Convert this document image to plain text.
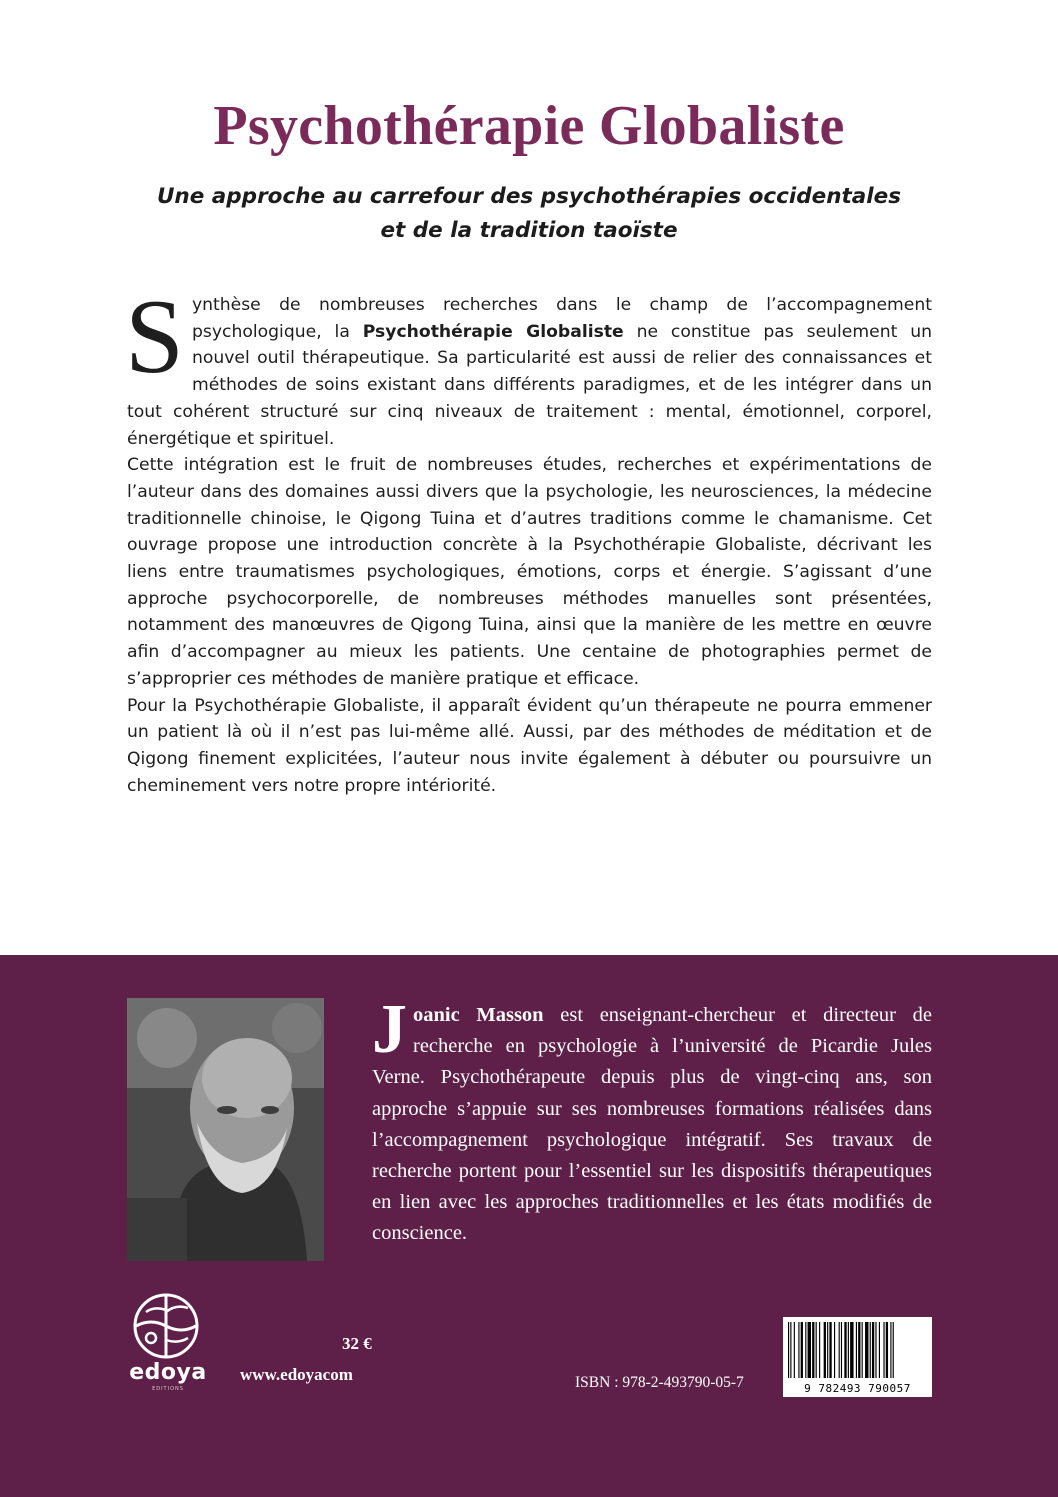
Psychothérapie Globaliste
Une approche au carrefour des psychothérapies occidentales
et de la tradition taoïste

Synthèse de nombreuses recherches dans le champ de l’accompagnement psychologique, la Psychothérapie Globaliste ne constitue pas seulement un nouvel outil thérapeutique. Sa particularité est aussi de relier des connaissances et méthodes de soins existant dans différents paradigmes, et de les intégrer dans un tout cohérent structuré sur cinq niveaux de traitement : mental, émotionnel, corporel, énergétique et spirituel.

Cette intégration est le fruit de nombreuses études, recherches et expérimentations de l’auteur dans des domaines aussi divers que la psychologie, les neurosciences, la médecine traditionnelle chinoise, le Qigong Tuina et d’autres traditions comme le chamanisme. Cet ouvrage propose une introduction concrète à la Psychothérapie Globaliste, décrivant les liens entre traumatismes psychologiques, émotions, corps et énergie. S’agissant d’une approche psychocorporelle, de nombreuses méthodes manuelles sont présentées, notamment des manœuvres de Qigong Tuina, ainsi que la manière de les mettre en œuvre afin d’accompagner au mieux les patients. Une centaine de photographies permet de s’approprier ces méthodes de manière pratique et efficace.

Pour la Psychothérapie Globaliste, il apparaît évident qu’un thérapeute ne pourra emmener un patient là où il n’est pas lui-même allé. Aussi, par des méthodes de méditation et de Qigong finement explicitées, l’auteur nous invite également à débuter ou poursuivre un cheminement vers notre propre intériorité.

Joanic Masson est enseignant-chercheur et directeur de recherche en psychologie à l’université de Picardie Jules Verne. Psychothérapeute depuis plus de vingt-cinq ans, son approche s’appuie sur ses nombreuses formations réalisées dans l’accompagnement psychologique intégratif. Ses travaux de recherche portent pour l’essentiel sur les dispositifs thérapeutiques en lien avec les approches traditionnelles et les états modifiés de conscience.
edoya
EDITIONS
32 €
www.edoyacom	ISBN : 978-2-493790-05-7	9 782493 790057
